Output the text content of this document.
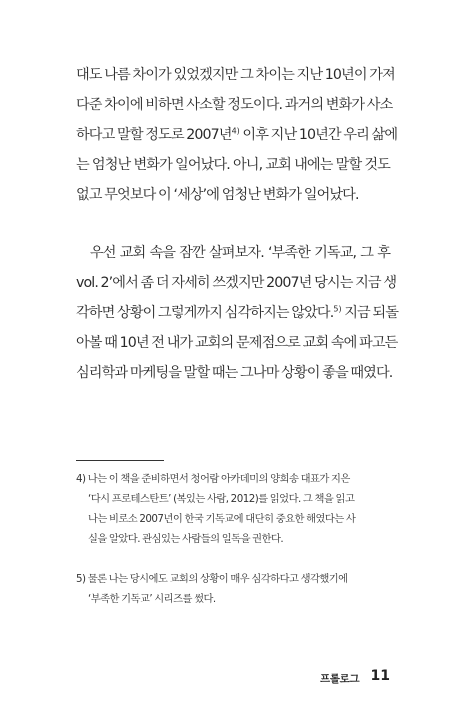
대도 나름 차이가 있었겠지만 그 차이는 지난 10년이 가져
다준 차이에 비하면 사소할 정도이다. 과거의 변화가 사소
하다고 말할 정도로 2007년$^{4)}$ 이후 지난 10년간 우리 삶에
는 엄청난 변화가 일어났다. 아니, 교회 내에는 말할 것도
없고 무엇보다 이 ‘세상’에 엄청난 변화가 일어났다.
우선 교회 속을 잠깐 살펴보자. ‘부족한 기독교, 그 후
vol. 2’에서 좀 더 자세히 쓰겠지만 2007년 당시는 지금 생
각하면 상황이 그렇게까지 심각하지는 않았다.$^{5)}$ 지금 되돌
아볼 때 10년 전 내가 교회의 문제점으로 교회 속에 파고든
심리학과 마케팅을 말할 때는 그나마 상황이 좋을 때였다.
4) 나는 이 책을 준비하면서 청어람 아카데미의 양희송 대표가 지은
‘다시 프로테스탄트’ (복있는 사람, 2012)를 읽었다. 그 책을 읽고
나는 비로소 2007년이 한국 기독교에 대단히 중요한 해였다는 사
실을 알았다. 관심있는 사람들의 일독을 권한다.
5) 물론 나는 당시에도 교회의 상황이 매우 심각하다고 생각했기에
‘부족한 기독교’ 시리즈를 썼다.
프롤로그 11
